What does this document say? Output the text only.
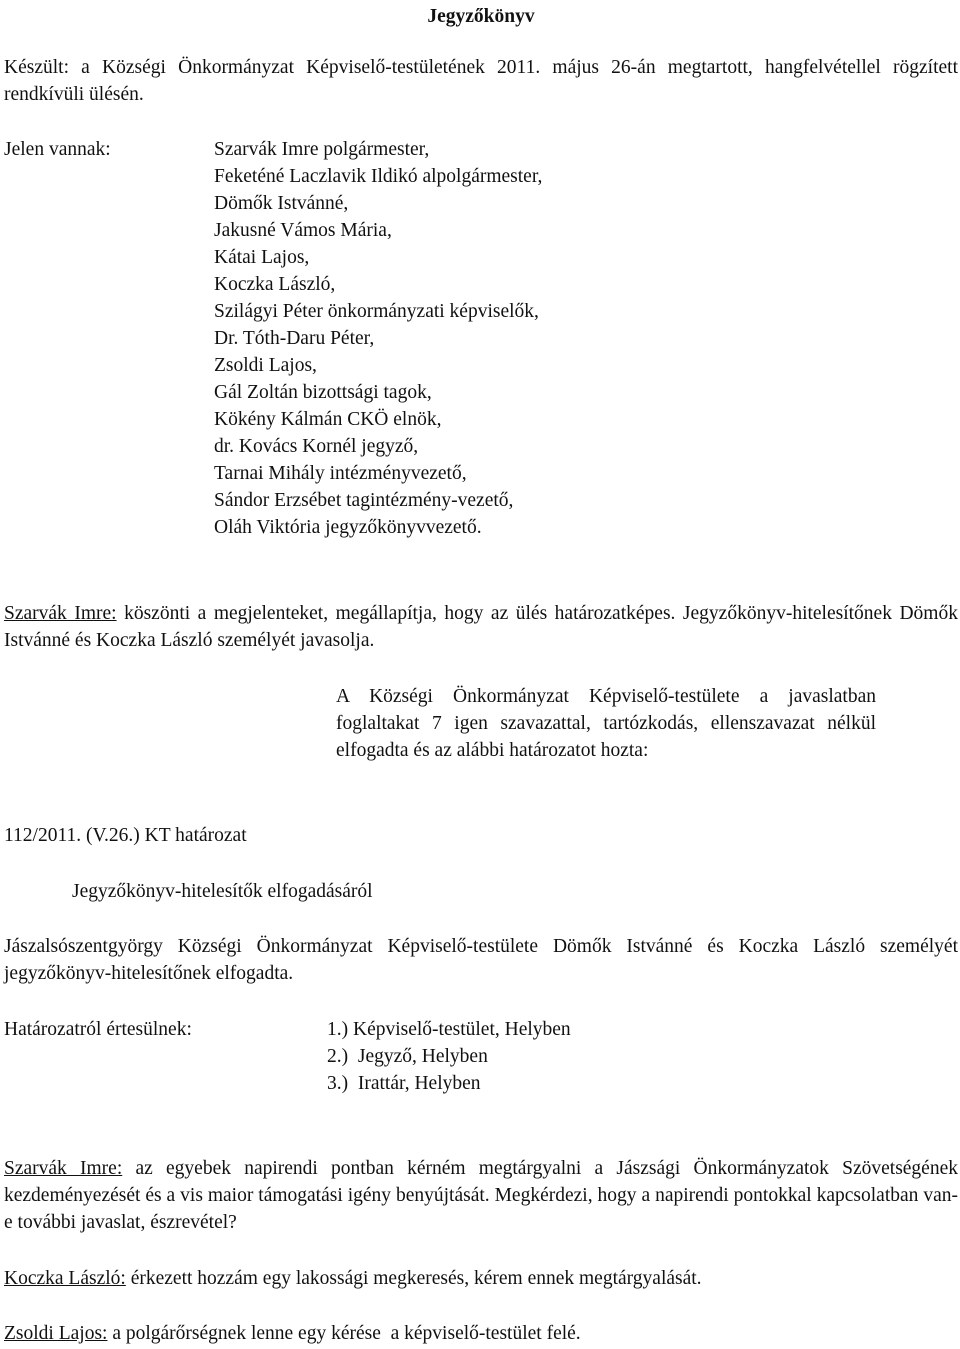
Jegyzőkönyv
Készült: a Községi Önkormányzat Képviselő-testületének 2011. május 26-án megtartott, hangfelvétellel rögzített rendkívüli ülésén.
Jelen vannak:	Szarvák Imre polgármester,
Feketéné Laczlavik Ildikó alpolgármester,
Dömők Istvánné,
Jakusné Vámos Mária,
Kátai Lajos,
Koczka László,
Szilágyi Péter önkormányzati képviselők,
Dr. Tóth-Daru Péter,
Zsoldi Lajos,
Gál Zoltán bizottsági tagok,
Kökény Kálmán CKÖ elnök,
dr. Kovács Kornél jegyző,
Tarnai Mihály intézményvezető,
Sándor Erzsébet tagintézmény-vezető,
Oláh Viktória jegyzőkönyvvezető.
Szarvák Imre: köszönti a megjelenteket, megállapítja, hogy az ülés határozatképes. Jegyzőkönyv-hitelesítőnek Dömők Istvánné és Koczka László személyét javasolja.
A Községi Önkormányzat Képviselő-testülete a javaslatban foglaltakat 7 igen szavazattal, tartózkodás, ellenszavazat nélkül elfogadta és az alábbi határozatot hozta:
112/2011. (V.26.) KT határozat
Jegyzőkönyv-hitelesítők elfogadásáról
Jászalsószentgyörgy Községi Önkormányzat Képviselő-testülete Dömők Istvánné és Koczka László személyét jegyzőkönyv-hitelesítőnek elfogadta.
Határozatról értesülnek:	1.) Képviselő-testület, Helyben
2.)  Jegyző, Helyben
3.)  Irattár, Helyben
Szarvák Imre: az egyebek napirendi pontban kérném megtárgyalni a Jászsági Önkormányzatok Szövetségének kezdeményezését és a vis maior támogatási igény benyújtását. Megkérdezi, hogy a napirendi pontokkal kapcsolatban van-e további javaslat, észrevétel?
Koczka László: érkezett hozzám egy lakossági megkeresés, kérem ennek megtárgyalását.
Zsoldi Lajos: a polgárőrségnek lenne egy kérése  a képviselő-testület felé.
